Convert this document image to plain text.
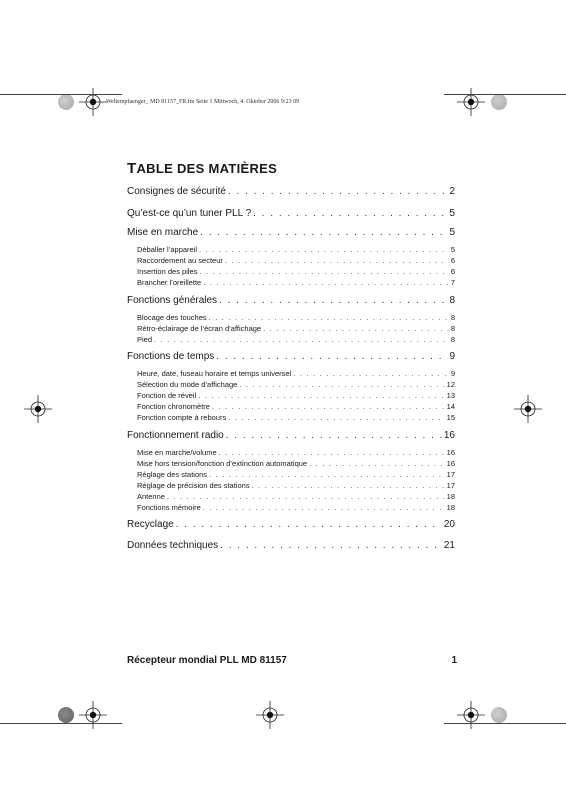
Weltempfaenger_ MD 81157_FR.fm Seite 1 Mittwoch, 4. Oktober 2006 9:23 09
TABLE DES MATIÈRES
Consignes de sécurité . . .	2
Qu’est-ce qu’un tuner PLL ? . . .	5
Mise en marche . . .	5
Déballer l’appareil . . .	5
Raccordement au secteur . . .	6
Insertion des piles . . .	6
Brancher l’oreillette . . .	7
Fonctions générales . . .	8
Blocage des touches . . .	8
Rétro-éclairage de l’écran d’affichage . . .	8
Pied . . .	8
Fonctions de temps . . .	9
Heure, date, fuseau horaire et temps universel . . .	9
Sélection du mode d’affichage . . .	12
Fonction de réveil . . .	13
Fonction chronomètre . . .	14
Fonction compte à rebours . . .	15
Fonctionnement radio . . .	16
Mise en marche/volume . . .	16
Mise hors tension/fonction d’extinction automatique . . .	16
Réglage des stations . . .	17
Réglage de précision des stations . . .	17
Antenne . . .	18
Fonctions mémoire . . .	18
Recyclage . . .	20
Données techniques . . .	21
Récepteur mondial PLL MD 81157	1
